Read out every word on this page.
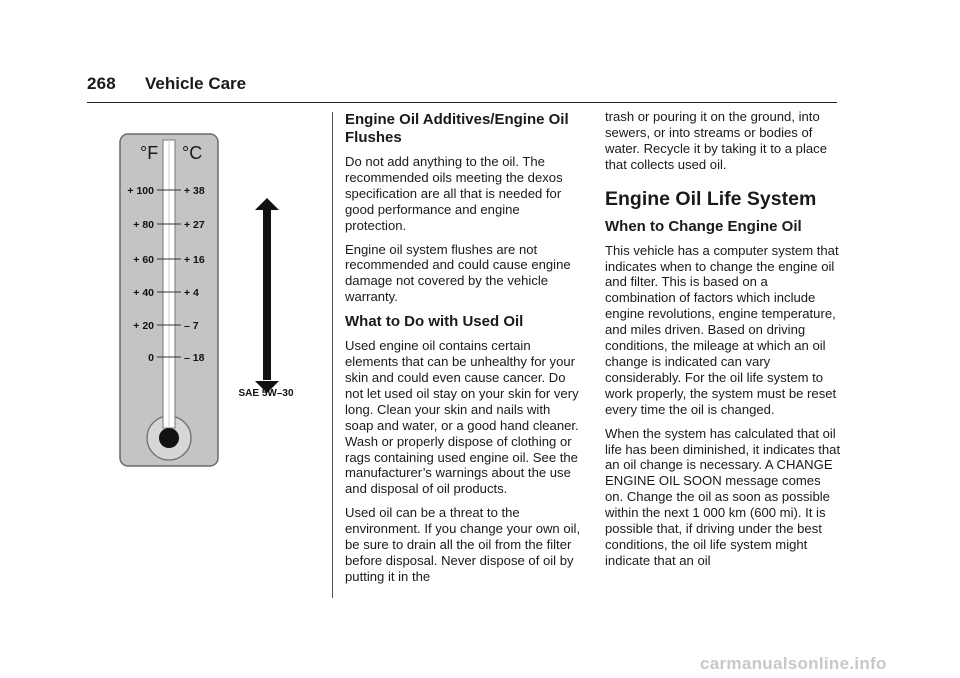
268 Vehicle Care
°F °C
+ 100
+ 80
+ 60
+ 40
+ 20
0
+ 38
+ 27
+ 16
+ 4
– 7
– 18
SAE 5W–30
Engine Oil Additives/Engine Oil Flushes

Do not add anything to the oil. The recommended oils meeting the dexos specification are all that is needed for good performance and engine protection.

Engine oil system flushes are not recommended and could cause engine damage not covered by the vehicle warranty.

What to Do with Used Oil

Used engine oil contains certain elements that can be unhealthy for your skin and could even cause cancer. Do not let used oil stay on your skin for very long. Clean your skin and nails with soap and water, or a good hand cleaner. Wash or properly dispose of clothing or rags containing used engine oil. See the manufacturer’s warnings about the use and disposal of oil products.

Used oil can be a threat to the environment. If you change your own oil, be sure to drain all the oil from the filter before disposal. Never dispose of oil by putting it in the

trash or pouring it on the ground, into sewers, or into streams or bodies of water. Recycle it by taking it to a place that collects used oil.

Engine Oil Life System
When to Change Engine Oil

This vehicle has a computer system that indicates when to change the engine oil and filter. This is based on a combination of factors which include engine revolutions, engine temperature, and miles driven. Based on driving conditions, the mileage at which an oil change is indicated can vary considerably. For the oil life system to work properly, the system must be reset every time the oil is changed.

When the system has calculated that oil life has been diminished, it indicates that an oil change is necessary. A CHANGE ENGINE OIL SOON message comes on. Change the oil as soon as possible within the next 1 000 km (600 mi). It is possible that, if driving under the best conditions, the oil life system might indicate that an oil

carmanualsonline.info
